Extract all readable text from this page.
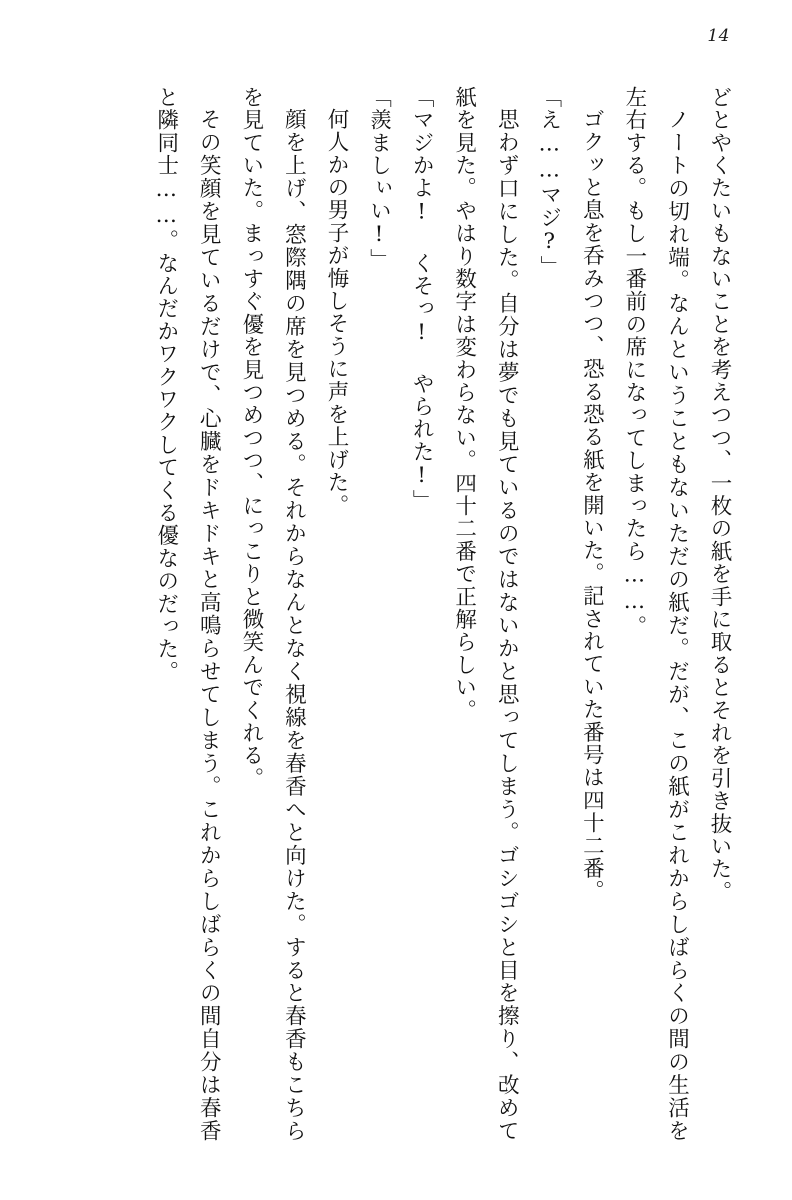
14

どとやくたいもないことを考えつつ、一枚の紙を手に取るとそれを引き抜いた。

ノートの切れ端。なんということもないただの紙だ。だが、この紙がこれからしばらくの間の生活を左右する。もし一番前の席になってしまったら……。

ゴクッと息を呑みつつ、恐る恐る紙を開いた。記されていた番号は四十二番。

「え……マジ?」

思わず口にした。自分は夢でも見ているのではないかと思ってしまう。ゴシゴシと目を擦り、改めて紙を見た。やはり数字は変わらない。四十二番で正解らしい。

「マジかよ! くそっ! やられた!」

「羨ましぃい!」

何人かの男子が悔しそうに声を上げた。

顔を上げ、窓際隅の席を見つめる。それからなんとなく視線を春香へと向けた。すると春香もこちらを見ていた。まっすぐ優を見つめつつ、にっこりと微笑んでくれる。

その笑顔を見ているだけで、心臓をドキドキと高鳴らせてしまう。これからしばらくの間自分は春香と隣同士……。なんだかワクワクしてくる優なのだった。
